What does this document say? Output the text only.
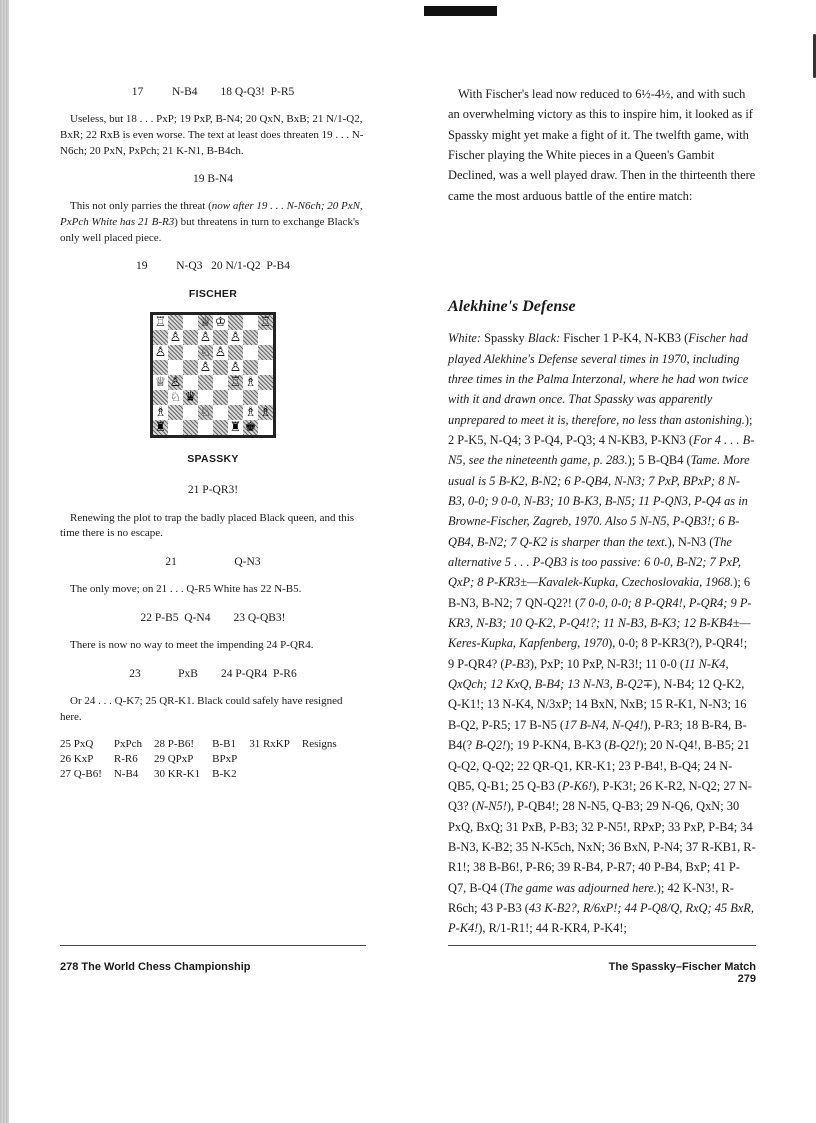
17          N-B4        18 Q-Q3!  P-R5

Useless, but 18 . . . PxP; 19 PxP, B-N4; 20 QxN, BxB; 21 N/1-Q2, BxR; 22 RxB is even worse. The text at least does threaten 19 . . . N-N6ch; 20 PxN, PxPch; 21 K-N1, B-B4ch.

19 B-N4

This not only parries the threat (now after 19 . . . N-N6ch; 20 PxN, PxPch White has 21 B-R3) but threatens in turn to exchange Black's only well placed piece.

19          N-Q3   20 N/1-Q2  P-B4
FISCHER
♖	♕ ♔	♖
♙ ♙ ♙
♙	♘ ♙
♙ ♙
♕ ♙	♖ ♗
♘ ♛
♗	♘	♗ ♗
♜	♜ ♚
SPASSKY
21 P-QR3!

Renewing the plot to trap the badly placed Black queen, and this time there is no escape.

21                    Q-N3

The only move; on 21 . . . Q-R5 White has 22 N-B5.

22 P-B5  Q-N4        23 Q-QB3!

There is now no way to meet the impending 24 P-QR4.

23             PxB        24 P-QR4  P-R6

Or 24 . . . Q-K7; 25 QR-K1. Black could safely have resigned here.

25 PxQ	PxPch	28 P-B6!	B-B1	31 RxKP	Resigns
26 KxP	R-R6	29 QPxP	BPxP		
27 Q-B6!	N-B4	30 KR-K1	B-K2		

With Fischer's lead now reduced to 6½-4½, and with such an overwhelming victory as this to inspire him, it looked as if Spassky might yet make a fight of it. The twelfth game, with Fischer playing the White pieces in a Queen's Gambit Declined, was a well played draw. Then in the thirteenth there came the most arduous battle of the entire match:

Alekhine's Defense

White: Spassky Black: Fischer 1 P-K4, N-KB3 (Fischer had played Alekhine's Defense several times in 1970, including three times in the Palma Interzonal, where he had won twice with it and drawn once. That Spassky was apparently unprepared to meet it is, therefore, no less than astonishing.); 2 P-K5, N-Q4; 3 P-Q4, P-Q3; 4 N-KB3, P-KN3 (For 4 . . . B-N5, see the nineteenth game, p. 283.); 5 B-QB4 (Tame. More usual is 5 B-K2, B-N2; 6 P-QB4, N-N3; 7 PxP, BPxP; 8 N-B3, 0-0; 9 0-0, N-B3; 10 B-K3, B-N5; 11 P-QN3, P-Q4 as in Browne-Fischer, Zagreb, 1970. Also 5 N-N5, P-QB3!; 6 B-QB4, B-N2; 7 Q-K2 is sharper than the text.), N-N3 (The alternative 5 . . . P-QB3 is too passive: 6 0-0, B-N2; 7 PxP, QxP; 8 P-KR3±—Kavalek-Kupka, Czechoslovakia, 1968.); 6 B-N3, B-N2; 7 QN-Q2?! (7 0-0, 0-0; 8 P-QR4!, P-QR4; 9 P-KR3, N-B3; 10 Q-K2, P-Q4!?; 11 N-B3, B-K3; 12 B-KB4±—Keres-Kupka, Kapfenberg, 1970), 0-0; 8 P-KR3(?), P-QR4!; 9 P-QR4? (P-B3), PxP; 10 PxP, N-R3!; 11 0-0 (11 N-K4, QxQch; 12 KxQ, B-B4; 13 N-N3, B-Q2∓), N-B4; 12 Q-K2, Q-K1!; 13 N-K4, N/3xP; 14 BxN, NxB; 15 R-K1, N-N3; 16 B-Q2, P-R5; 17 B-N5 (17 B-N4, N-Q4!), P-R3; 18 B-R4, B-B4(? B-Q2!); 19 P-KN4, B-K3 (B-Q2!); 20 N-Q4!, B-B5; 21 Q-Q2, Q-Q2; 22 QR-Q1, KR-K1; 23 P-B4!, B-Q4; 24 N-QB5, Q-B1; 25 Q-B3 (P-K6!), P-K3!; 26 K-R2, N-Q2; 27 N-Q3? (N-N5!), P-QB4!; 28 N-N5, Q-B3; 29 N-Q6, QxN; 30 PxQ, BxQ; 31 PxB, P-B3; 32 P-N5!, RPxP; 33 PxP, P-B4; 34 B-N3, K-B2; 35 N-K5ch, NxN; 36 BxN, P-N4; 37 R-KB1, R-R1!; 38 B-B6!, P-R6; 39 R-B4, P-R7; 40 P-B4, BxP; 41 P-Q7, B-Q4 (The game was adjourned here.); 42 K-N3!, R-R6ch; 43 P-B3 (43 K-B2?, R/6xP!; 44 P-Q8/Q, RxQ; 45 BxR, P-K4!), R/1-R1!; 44 R-KR4, P-K4!;

278 The World Chess Championship	The Spassky–Fischer Match 279
